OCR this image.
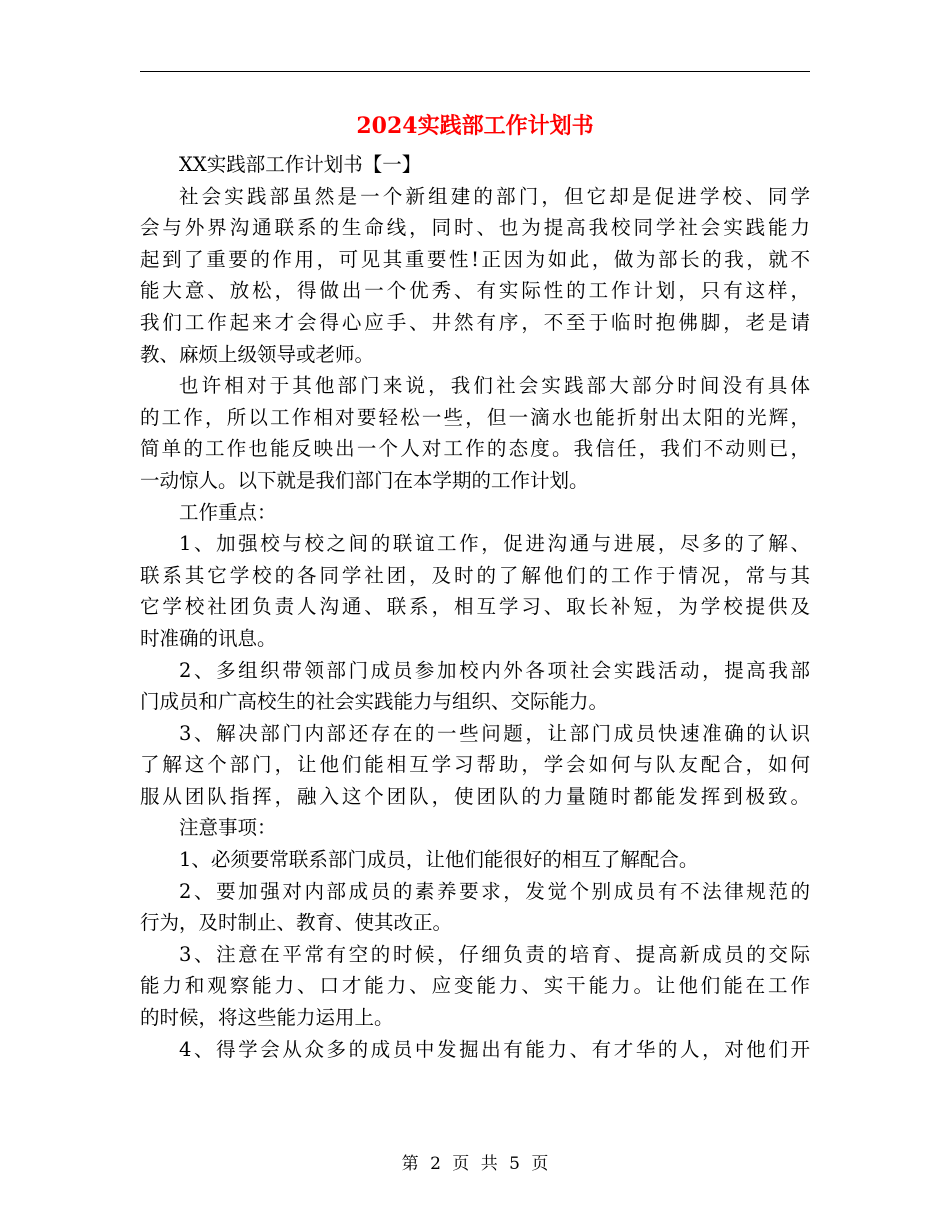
2024实践部工作计划书
XX实践部工作计划书【一】
社会实践部虽然是一个新组建的部门，但它却是促进学校、同学
会与外界沟通联系的生命线，同时、也为提高我校同学社会实践能力
起到了重要的作用，可见其重要性!正因为如此，做为部长的我，就不
能大意、放松，得做出一个优秀、有实际性的工作计划，只有这样，
我们工作起来才会得心应手、井然有序，不至于临时抱佛脚，老是请
教、麻烦上级领导或老师。
也许相对于其他部门来说，我们社会实践部大部分时间没有具体
的工作，所以工作相对要轻松一些，但一滴水也能折射出太阳的光辉，
简单的工作也能反映出一个人对工作的态度。我信任，我们不动则已，
一动惊人。以下就是我们部门在本学期的工作计划。
工作重点：
1、加强校与校之间的联谊工作，促进沟通与进展，尽多的了解、
联系其它学校的各同学社团，及时的了解他们的工作于情况，常与其
它学校社团负责人沟通、联系，相互学习、取长补短，为学校提供及
时准确的讯息。
2、多组织带领部门成员参加校内外各项社会实践活动，提高我部
门成员和广高校生的社会实践能力与组织、交际能力。
3、解决部门内部还存在的一些问题，让部门成员快速准确的认识
了解这个部门，让他们能相互学习帮助，学会如何与队友配合，如何
服从团队指挥，融入这个团队，使团队的力量随时都能发挥到极致。
注意事项：
1、必须要常联系部门成员，让他们能很好的相互了解配合。
2、要加强对内部成员的素养要求，发觉个别成员有不法律规范的
行为，及时制止、教育、使其改正。
3、注意在平常有空的时候，仔细负责的培育、提高新成员的交际
能力和观察能力、口才能力、应变能力、实干能力。让他们能在工作
的时候，将这些能力运用上。
4、得学会从众多的成员中发掘出有能力、有才华的人，对他们开
第 2 页 共 5 页
